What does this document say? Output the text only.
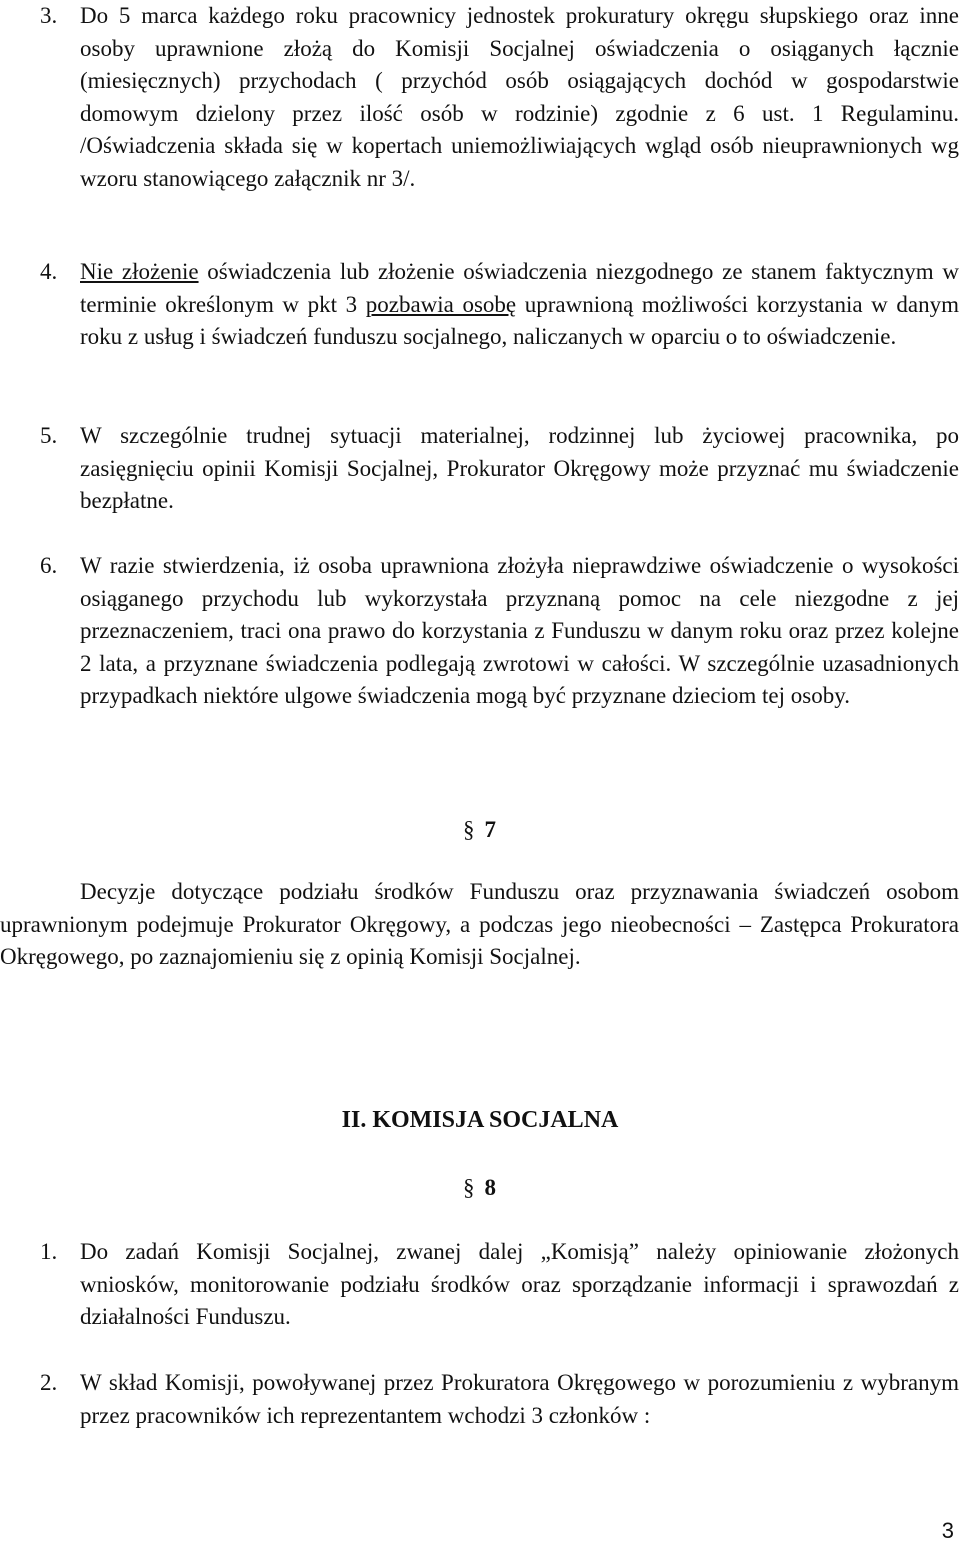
3. Do 5 marca każdego roku pracownicy jednostek prokuratury okręgu słupskiego oraz inne osoby uprawnione złożą do Komisji Socjalnej oświadczenia o osiąganych łącznie (miesięcznych) przychodach ( przychód osób osiągających dochód w gospodarstwie domowym dzielony przez ilość osób w rodzinie) zgodnie z 6 ust. 1 Regulaminu. /Oświadczenia składa się w kopertach uniemożliwiających wgląd osób nieuprawnionych wg wzoru stanowiącego załącznik nr 3/.
4. Nie złożenie oświadczenia lub złożenie oświadczenia niezgodnego ze stanem faktycznym w terminie określonym w pkt 3 pozbawia osobę uprawnioną możliwości korzystania w danym roku z usług i świadczeń funduszu socjalnego, naliczanych w oparciu o to oświadczenie.
5. W szczególnie trudnej sytuacji materialnej, rodzinnej lub życiowej pracownika, po zasięgnięciu opinii Komisji Socjalnej, Prokurator Okręgowy może przyznać mu świadczenie bezpłatne.
6. W razie stwierdzenia, iż osoba uprawniona złożyła nieprawdziwe oświadczenie o wysokości osiąganego przychodu lub wykorzystała przyznaną pomoc na cele niezgodne z jej przeznaczeniem, traci ona prawo do korzystania z Funduszu w danym roku oraz przez kolejne 2 lata, a przyznane świadczenia podlegają zwrotowi w całości. W szczególnie uzasadnionych przypadkach niektóre ulgowe świadczenia mogą być przyznane dzieciom tej osoby.
§ 7
Decyzje dotyczące podziału środków Funduszu oraz przyznawania świadczeń osobom uprawnionym podejmuje Prokurator Okręgowy, a podczas jego nieobecności – Zastępca Prokuratora Okręgowego, po zaznajomieniu się z opinią Komisji Socjalnej.
II. KOMISJA SOCJALNA
§ 8
1. Do zadań Komisji Socjalnej, zwanej dalej „Komisją” należy opiniowanie złożonych wniosków, monitorowanie podziału środków oraz sporządzanie informacji i sprawozdań z działalności Funduszu.
2. W skład Komisji, powoływanej przez Prokuratora Okręgowego w porozumieniu z wybranym przez pracowników ich reprezentantem wchodzi 3 członków :
3
